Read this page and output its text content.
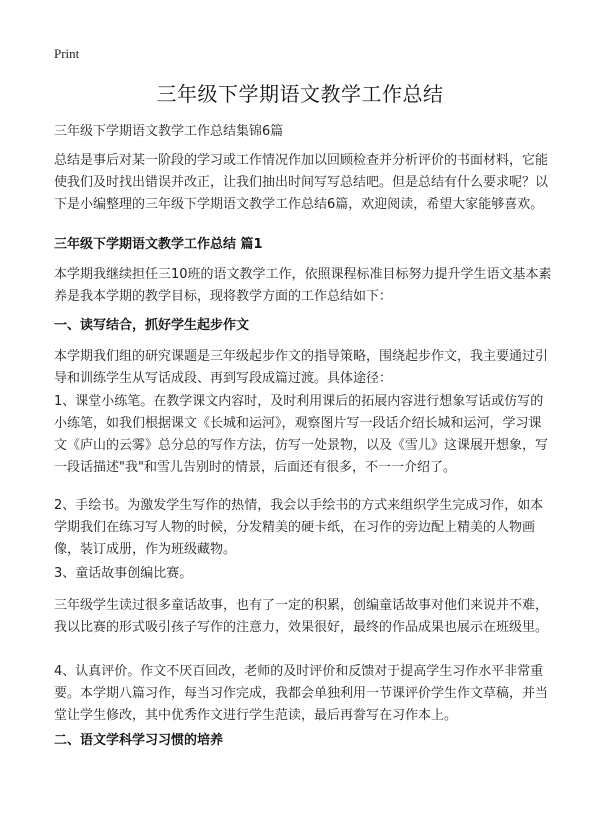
Print
三年级下学期语文教学工作总结
三年级下学期语文教学工作总结集锦6篇
总结是事后对某一阶段的学习或工作情况作加以回顾检查并分析评价的书面材料，它能使我们及时找出错误并改正，让我们抽出时间写写总结吧。但是总结有什么要求呢？以下是小编整理的三年级下学期语文教学工作总结6篇，欢迎阅读，希望大家能够喜欢。
三年级下学期语文教学工作总结 篇1
本学期我继续担任三10班的语文教学工作，依照课程标准目标努力提升学生语文基本素养是我本学期的教学目标，现将教学方面的工作总结如下：
一、读写结合，抓好学生起步作文
本学期我们组的研究课题是三年级起步作文的指导策略，围绕起步作文，我主要通过引导和训练学生从写话成段、再到写段成篇过渡。具体途径：
1、课堂小练笔。在教学课文内容时，及时利用课后的拓展内容进行想象写话或仿写的小练笔，如我们根据课文《长城和运河》，观察图片写一段话介绍长城和运河，学习课文《庐山的云雾》总分总的写作方法，仿写一处景物，以及《雪儿》这课展开想象，写一段话描述"我"和雪儿告别时的情景，后面还有很多，不一一介绍了。
2、手绘书。为激发学生写作的热情，我会以手绘书的方式来组织学生完成习作，如本学期我们在练习写人物的时候，分发精美的硬卡纸，在习作的旁边配上精美的人物画像，装订成册，作为班级藏物。
3、童话故事创编比赛。
三年级学生读过很多童话故事，也有了一定的积累，创编童话故事对他们来说并不难，我以比赛的形式吸引孩子写作的注意力，效果很好，最终的作品成果也展示在班级里。
4、认真评价。作文不厌百回改，老师的及时评价和反馈对于提高学生习作水平非常重要。本学期八篇习作，每当习作完成，我都会单独利用一节课评价学生作文草稿，并当堂让学生修改，其中优秀作文进行学生范读，最后再誊写在习作本上。
二、语文学科学习习惯的培养
